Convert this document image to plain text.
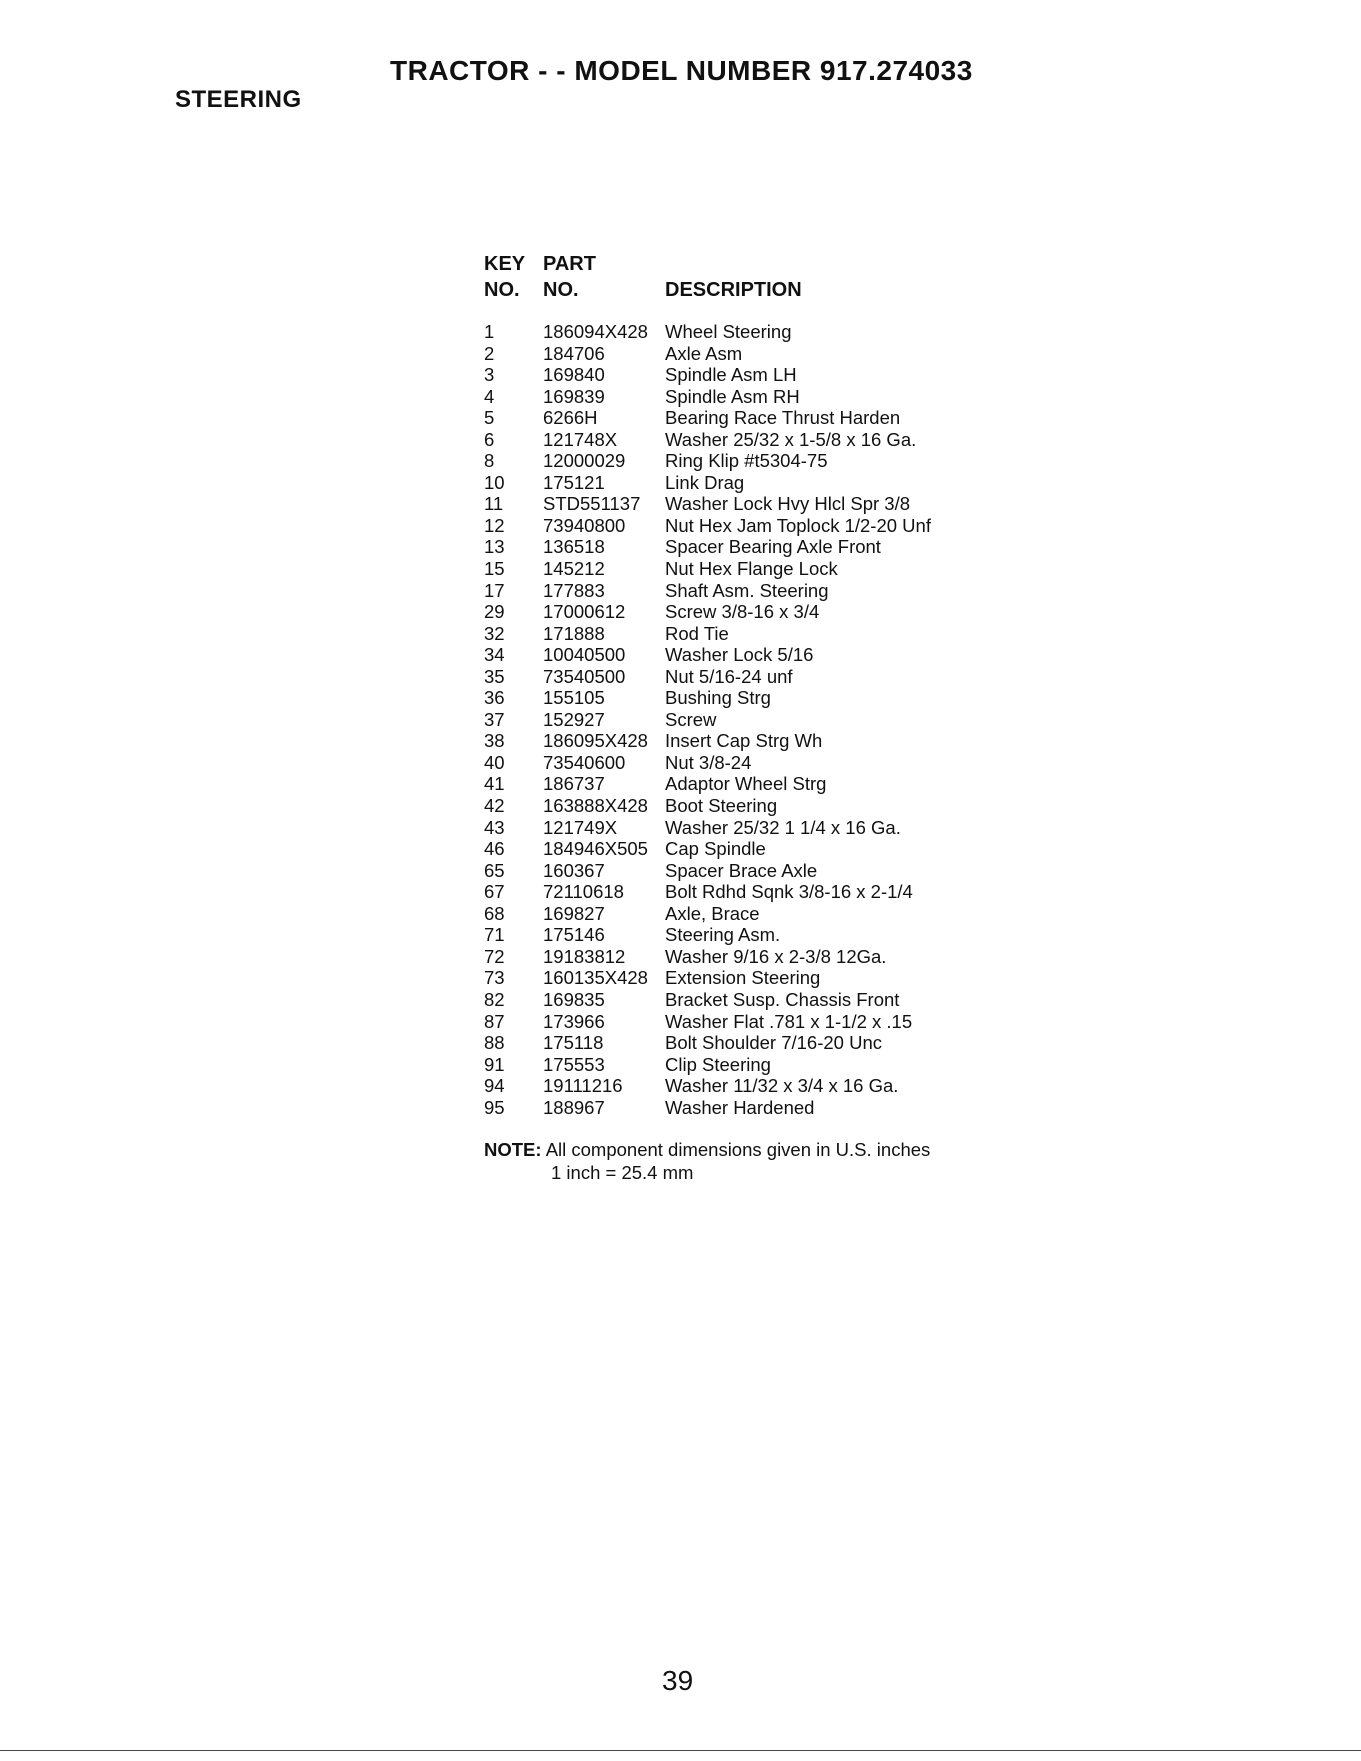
TRACTOR - - MODEL NUMBER 917.274033
STEERING
KEY PART
NO. NO.	DESCRIPTION
1	186094X428 Wheel Steering
2	184706	Axle Asm
3	169840	Spindle Asm LH
4	169839	Spindle Asm RH
5	6266H	Bearing Race Thrust Harden
6	121748X	Washer 25/32 x 1-5/8 x 16 Ga.
8	12000029 Ring Klip #t5304-75
10 175121	Link Drag
11 STD551137 Washer Lock Hvy Hlcl Spr 3/8
12 73940800 Nut Hex Jam Toplock 1/2-20 Unf
13 136518	Spacer Bearing Axle Front
15 145212	Nut Hex Flange Lock
17 177883	Shaft Asm. Steering
29 17000612 Screw 3/8-16 x 3/4
32 171888	Rod Tie
34 10040500 Washer Lock 5/16
35 73540500 Nut 5/16-24 unf
36 155105	Bushing Strg
37 152927	Screw
38 186095X428 Insert Cap Strg Wh
40 73540600 Nut 3/8-24
41 186737	Adaptor Wheel Strg
42 163888X428 Boot Steering
43 121749X	Washer 25/32 1 1/4 x 16 Ga.
46 184946X505 Cap Spindle
65 160367	Spacer Brace Axle
67 72110618 Bolt Rdhd Sqnk 3/8-16 x 2-1/4
68 169827	Axle, Brace
71 175146	Steering Asm.
72 19183812 Washer 9/16 x 2-3/8 12Ga.
73 160135X428 Extension Steering
82 169835	Bracket Susp. Chassis Front
87 173966	Washer Flat .781 x 1-1/2 x .15
88 175118	Bolt Shoulder 7/16-20 Unc
91 175553	Clip Steering
94 19111216 Washer 11/32 x 3/4 x 16 Ga.
95 188967	Washer Hardened
NOTE: All component dimensions given in U.S. inches
1 inch = 25.4 mm
39
